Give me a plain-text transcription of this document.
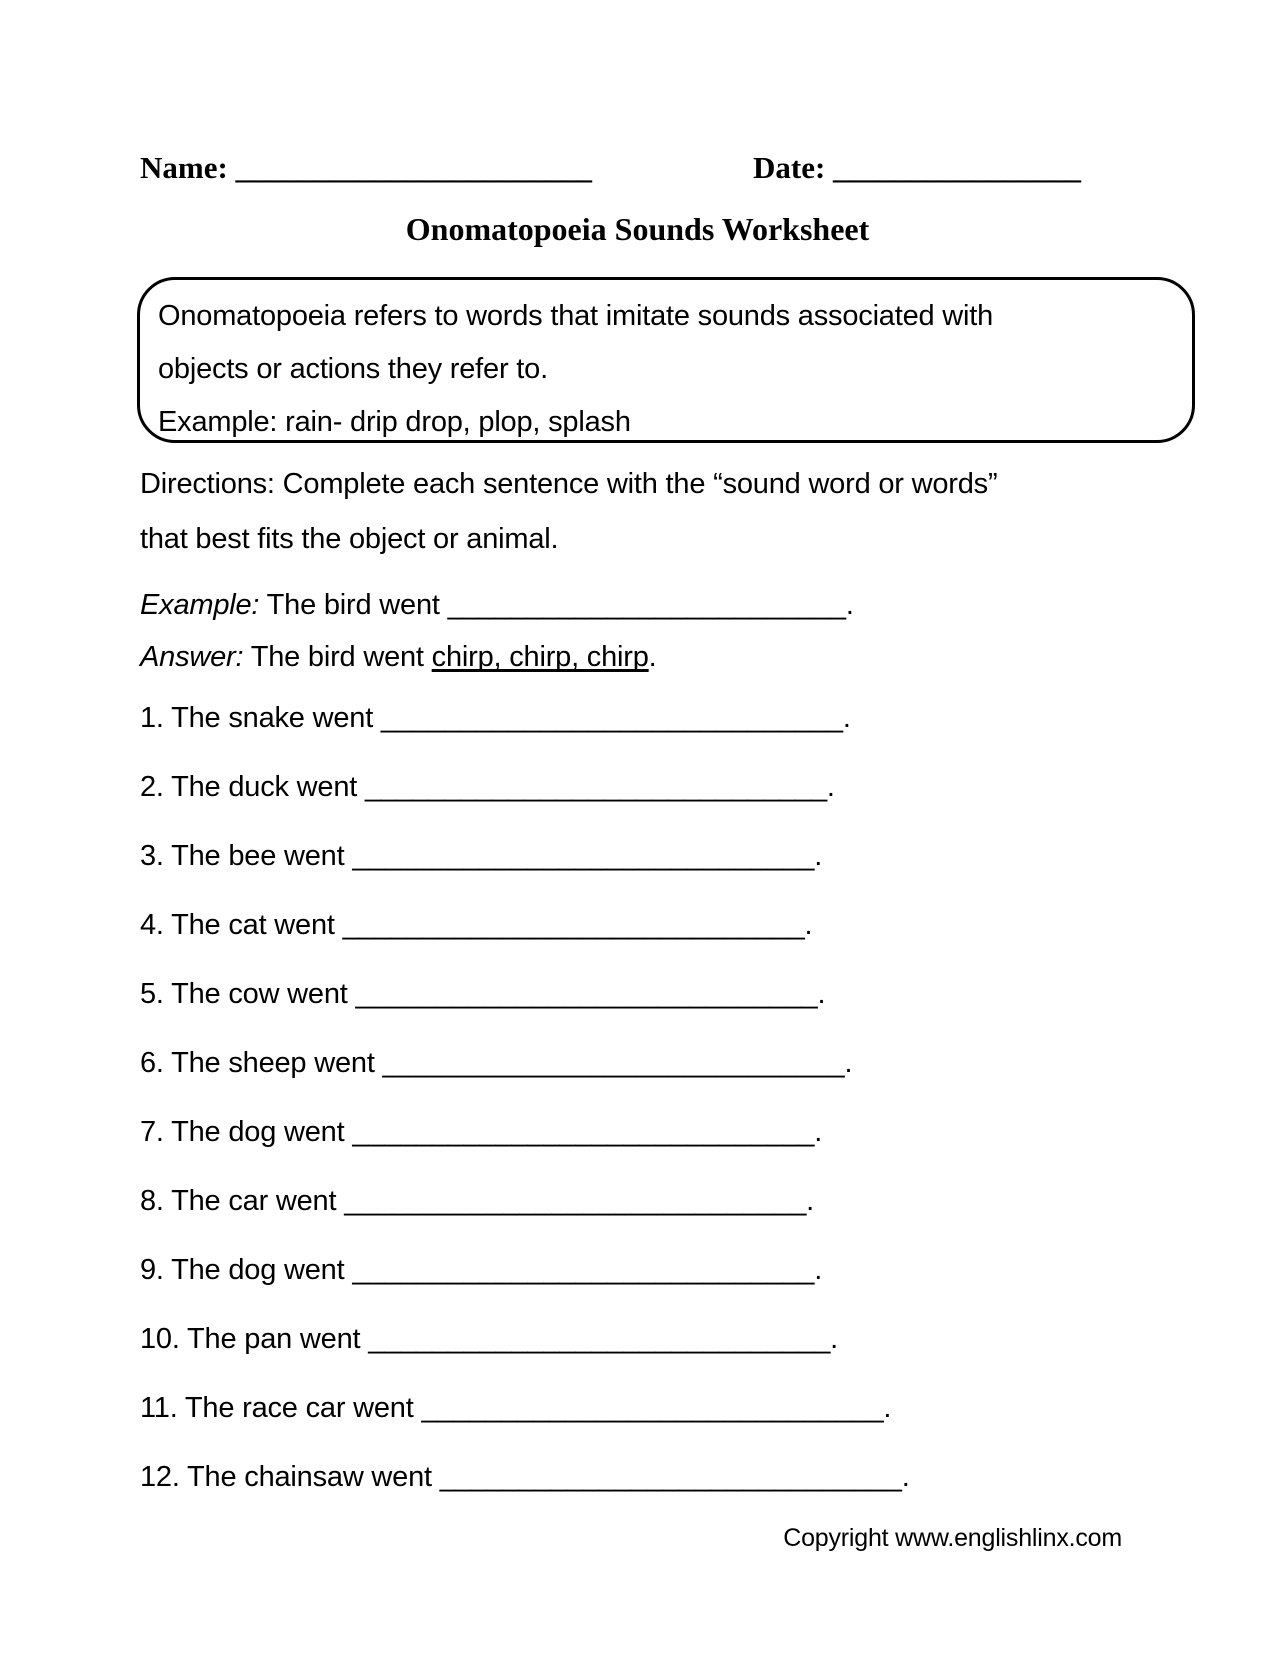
Name: _______________________	Date: ________________
Onomatopoeia Sounds Worksheet
Onomatopoeia refers to words that imitate sounds associated with
objects or actions they refer to.
Example: rain- drip drop, plop, splash
Directions: Complete each sentence with the “sound word or words”
that best fits the object or animal.
Example: The bird went _________________________.
Answer: The bird went chirp, chirp, chirp.
1. The snake went _____________________________.
2. The duck went _____________________________.
3. The bee went _____________________________.
4. The cat went _____________________________.
5. The cow went _____________________________.
6. The sheep went _____________________________.
7. The dog went _____________________________.
8. The car went _____________________________.
9. The dog went _____________________________.
10. The pan went _____________________________.
11. The race car went _____________________________.
12. The chainsaw went _____________________________.
Copyright www.englishlinx.com
